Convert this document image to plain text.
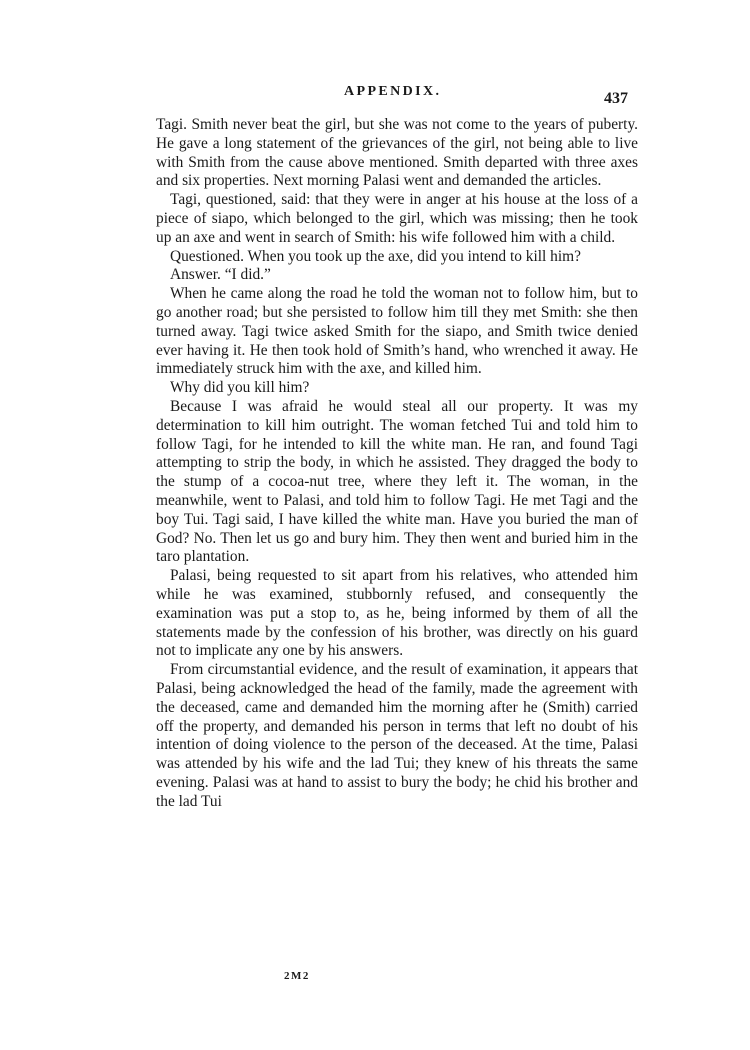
APPENDIX.	437

Tagi. Smith never beat the girl, but she was not come to the years of puberty. He gave a long statement of the grievances of the girl, not being able to live with Smith from the cause above mentioned. Smith departed with three axes and six properties. Next morning Palasi went and demanded the articles.

Tagi, questioned, said: that they were in anger at his house at the loss of a piece of siapo, which belonged to the girl, which was missing; then he took up an axe and went in search of Smith: his wife followed him with a child.

Questioned. When you took up the axe, did you intend to kill him?

Answer. “I did.”

When he came along the road he told the woman not to follow him, but to go another road; but she persisted to follow him till they met Smith: she then turned away. Tagi twice asked Smith for the siapo, and Smith twice denied ever having it. He then took hold of Smith’s hand, who wrenched it away. He immediately struck him with the axe, and killed him.

Why did you kill him?

Because I was afraid he would steal all our property. It was my determination to kill him outright. The woman fetched Tui and told him to follow Tagi, for he intended to kill the white man. He ran, and found Tagi attempting to strip the body, in which he assisted. They dragged the body to the stump of a cocoa-nut tree, where they left it. The woman, in the meanwhile, went to Palasi, and told him to follow Tagi. He met Tagi and the boy Tui. Tagi said, I have killed the white man. Have you buried the man of God? No. Then let us go and bury him. They then went and buried him in the taro plantation.

Palasi, being requested to sit apart from his relatives, who attended him while he was examined, stubbornly refused, and consequently the examination was put a stop to, as he, being informed by them of all the statements made by the confession of his brother, was directly on his guard not to implicate any one by his answers.

From circumstantial evidence, and the result of examination, it appears that Palasi, being acknowledged the head of the family, made the agreement with the deceased, came and demanded him the morning after he (Smith) carried off the property, and demanded his person in terms that left no doubt of his intention of doing violence to the person of the deceased. At the time, Palasi was attended by his wife and the lad Tui; they knew of his threats the same evening. Palasi was at hand to assist to bury the body; he chid his brother and the lad Tui

2M2
